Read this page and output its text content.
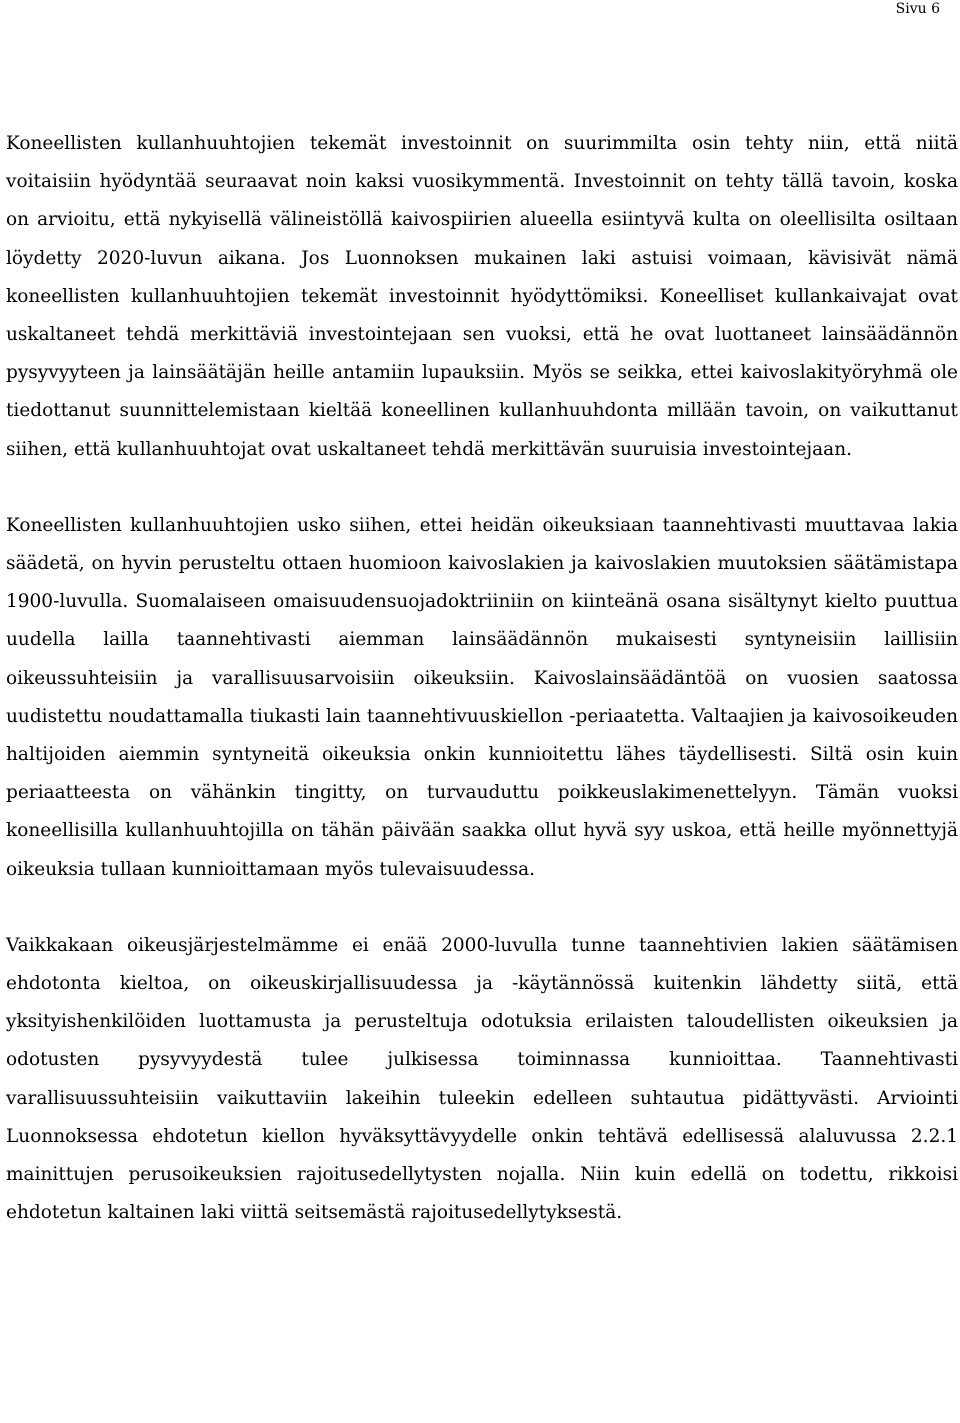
Sivu 6

Koneellisten kullanhuuhtojien tekemät investoinnit on suurimmilta osin tehty niin, että niitä voitaisiin hyödyntää seuraavat noin kaksi vuosikymmentä. Investoinnit on tehty tällä tavoin, koska on arvioitu, että nykyisellä välineistöllä kaivospiirien alueella esiintyvä kulta on oleellisilta osiltaan löydetty 2020-luvun aikana. Jos Luonnoksen mukainen laki astuisi voimaan, kävisivät nämä koneellisten kullanhuuhtojien tekemät investoinnit hyödyttömiksi. Koneelliset kullankaivajat ovat uskaltaneet tehdä merkittäviä investointejaan sen vuoksi, että he ovat luottaneet lainsäädännön pysyvyyteen ja lainsäätäjän heille antamiin lupauksiin. Myös se seikka, ettei kaivoslakityöryhmä ole tiedottanut suunnittelemistaan kieltää koneellinen kullanhuuhdonta millään tavoin, on vaikuttanut siihen, että kullanhuuhtojat ovat uskaltaneet tehdä merkittävän suuruisia investointejaan.

Koneellisten kullanhuuhtojien usko siihen, ettei heidän oikeuksiaan taannehtivasti muuttavaa lakia säädetä, on hyvin perusteltu ottaen huomioon kaivoslakien ja kaivoslakien muutoksien säätämistapa 1900-luvulla. Suomalaiseen omaisuudensuojadoktriiniin on kiinteänä osana sisältynyt kielto puuttua uudella lailla taannehtivasti aiemman lainsäädännön mukaisesti syntyneisiin laillisiin oikeussuhteisiin ja varallisuusarvoisiin oikeuksiin. Kaivoslainsäädäntöä on vuosien saatossa uudistettu noudattamalla tiukasti lain taannehtivuuskiellon -periaatetta. Valtaajien ja kaivosoikeuden haltijoiden aiemmin syntyneitä oikeuksia onkin kunnioitettu lähes täydellisesti. Siltä osin kuin periaatteesta on vähänkin tingitty, on turvauduttu poikkeuslakimenettelyyn. Tämän vuoksi koneellisilla kullanhuuhtojilla on tähän päivään saakka ollut hyvä syy uskoa, että heille myönnettyjä oikeuksia tullaan kunnioittamaan myös tulevaisuudessa.

Vaikkakaan oikeusjärjestelmämme ei enää 2000-luvulla tunne taannehtivien lakien säätämisen ehdotonta kieltoa, on oikeuskirjallisuudessa ja -käytännössä kuitenkin lähdetty siitä, että yksityishenkilöiden luottamusta ja perusteltuja odotuksia erilaisten taloudellisten oikeuksien ja odotusten pysyvyydestä tulee julkisessa toiminnassa kunnioittaa. Taannehtivasti varallisuussuhteisiin vaikuttaviin lakeihin tuleekin edelleen suhtautua pidättyvästi. Arviointi Luonnoksessa ehdotetun kiellon hyväksyttävyydelle onkin tehtävä edellisessä alaluvussa 2.2.1 mainittujen perusoikeuksien rajoitusedellytysten nojalla. Niin kuin edellä on todettu, rikkoisi ehdotetun kaltainen laki viittä seitsemästä rajoitusedellytyksestä.
